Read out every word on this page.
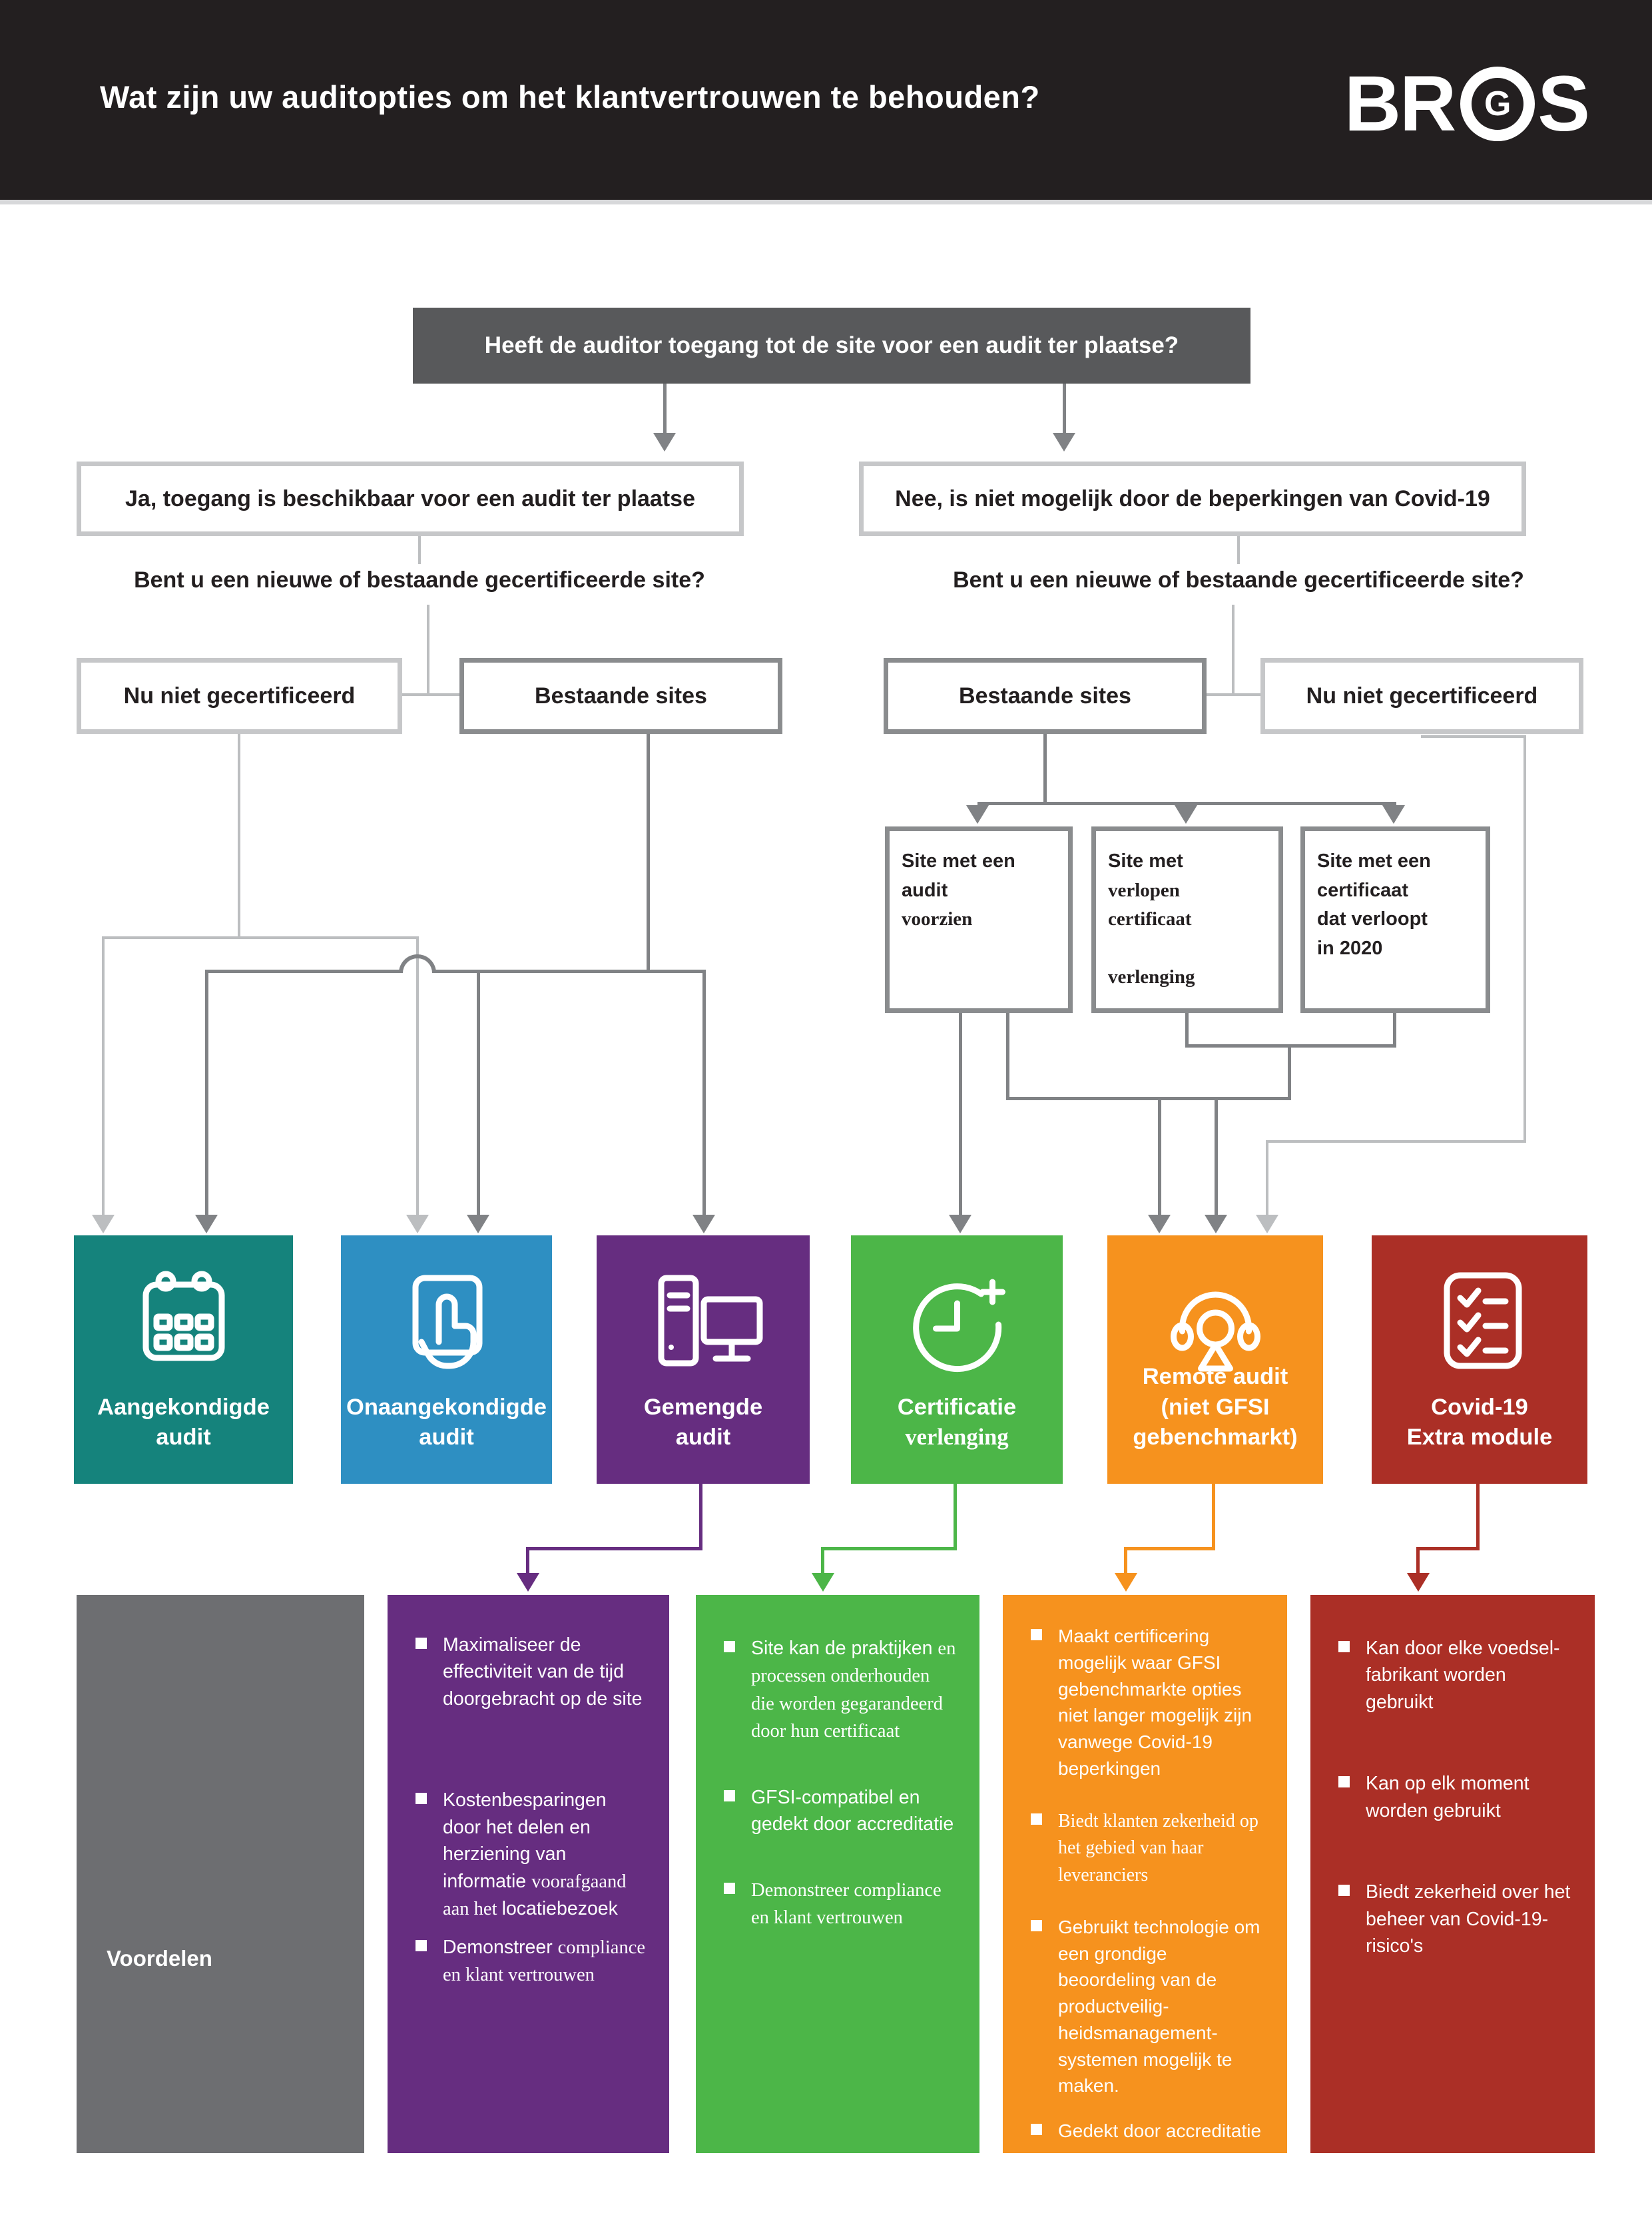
Wat zijn uw auditopties om het klantvertrouwen te behouden?	BR G S
Heeft de auditor toegang tot de site voor een audit ter plaatse?
Ja, toegang is beschikbaar voor een audit ter plaatse	Nee, is niet mogelijk door de beperkingen van Covid-19
Bent u een nieuwe of bestaande gecertificeerde site?	Bent u een nieuwe of bestaande gecertificeerde site?
Nu niet gecertificeerd	Bestaande sites	Bestaande sites	Nu niet gecertificeerd
Site met een
audit
voorzien
Site met
verlopen
certificaat

verlenging
Site met een
certificaat
dat verloopt
in 2020
Aangekondigde
audit
Onaangekondigde
audit
Gemengde
audit
Certificatie
verlenging
Remote audit
(niet GFSI
gebenchmarkt)
Covid-19
Extra module
Voordelen
Maximaliseer de effectiviteit van de tijd doorgebracht op de site
Kostenbesparingen door het delen en herziening van informatie voorafgaand aan het locatiebezoek
Demonstreer compliance en klant vertrouwen
Site kan de praktijken en processen onderhouden die worden gegarandeerd door hun certificaat
GFSI-compatibel en gedekt door accreditatie
Demonstreer compliance en klant vertrouwen
Maakt certificering mogelijk waar GFSI gebenchmarkte opties niet langer mogelijk zijn vanwege Covid-19 beperkingen
Biedt klanten zekerheid op het gebied van haar leveranciers
Gebruikt technologie om een grondige beoordeling van de productveilig-heidsmanagement-systemen mogelijk te maken.
Gedekt door accreditatie
Kan door elke voedsel-fabrikant worden gebruikt
Kan op elk moment worden gebruikt
Biedt zekerheid over het beheer van Covid-19-risico's
